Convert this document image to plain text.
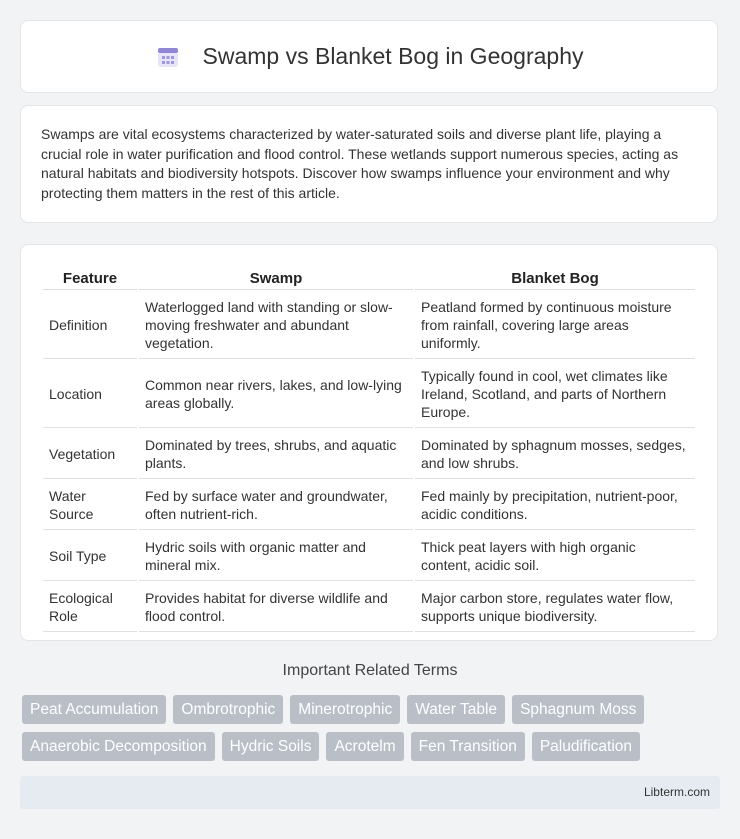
Swamp vs Blanket Bog in Geography
Swamps are vital ecosystems characterized by water-saturated soils and diverse plant life, playing a crucial role in water purification and flood control. These wetlands support numerous species, acting as natural habitats and biodiversity hotspots. Discover how swamps influence your environment and why protecting them matters in the rest of this article.
Feature	Swamp	Blanket Bog
Definition	Waterlogged land with standing or slow-moving freshwater and abundant vegetation.	Peatland formed by continuous moisture from rainfall, covering large areas uniformly.
Location	Common near rivers, lakes, and low-lying areas globally.	Typically found in cool, wet climates like Ireland, Scotland, and parts of Northern Europe.
Vegetation	Dominated by trees, shrubs, and aquatic plants.	Dominated by sphagnum mosses, sedges, and low shrubs.
Water Source	Fed by surface water and groundwater, often nutrient-rich.	Fed mainly by precipitation, nutrient-poor, acidic conditions.
Soil Type	Hydric soils with organic matter and mineral mix.	Thick peat layers with high organic content, acidic soil.
Ecological Role	Provides habitat for diverse wildlife and flood control.	Major carbon store, regulates water flow, supports unique biodiversity.
Important Related Terms
Peat Accumulation	Ombrotrophic	Minerotrophic	Water Table	Sphagnum Moss
Anaerobic Decomposition	Hydric Soils	Acrotelm	Fen Transition	Paludification
Libterm.com
